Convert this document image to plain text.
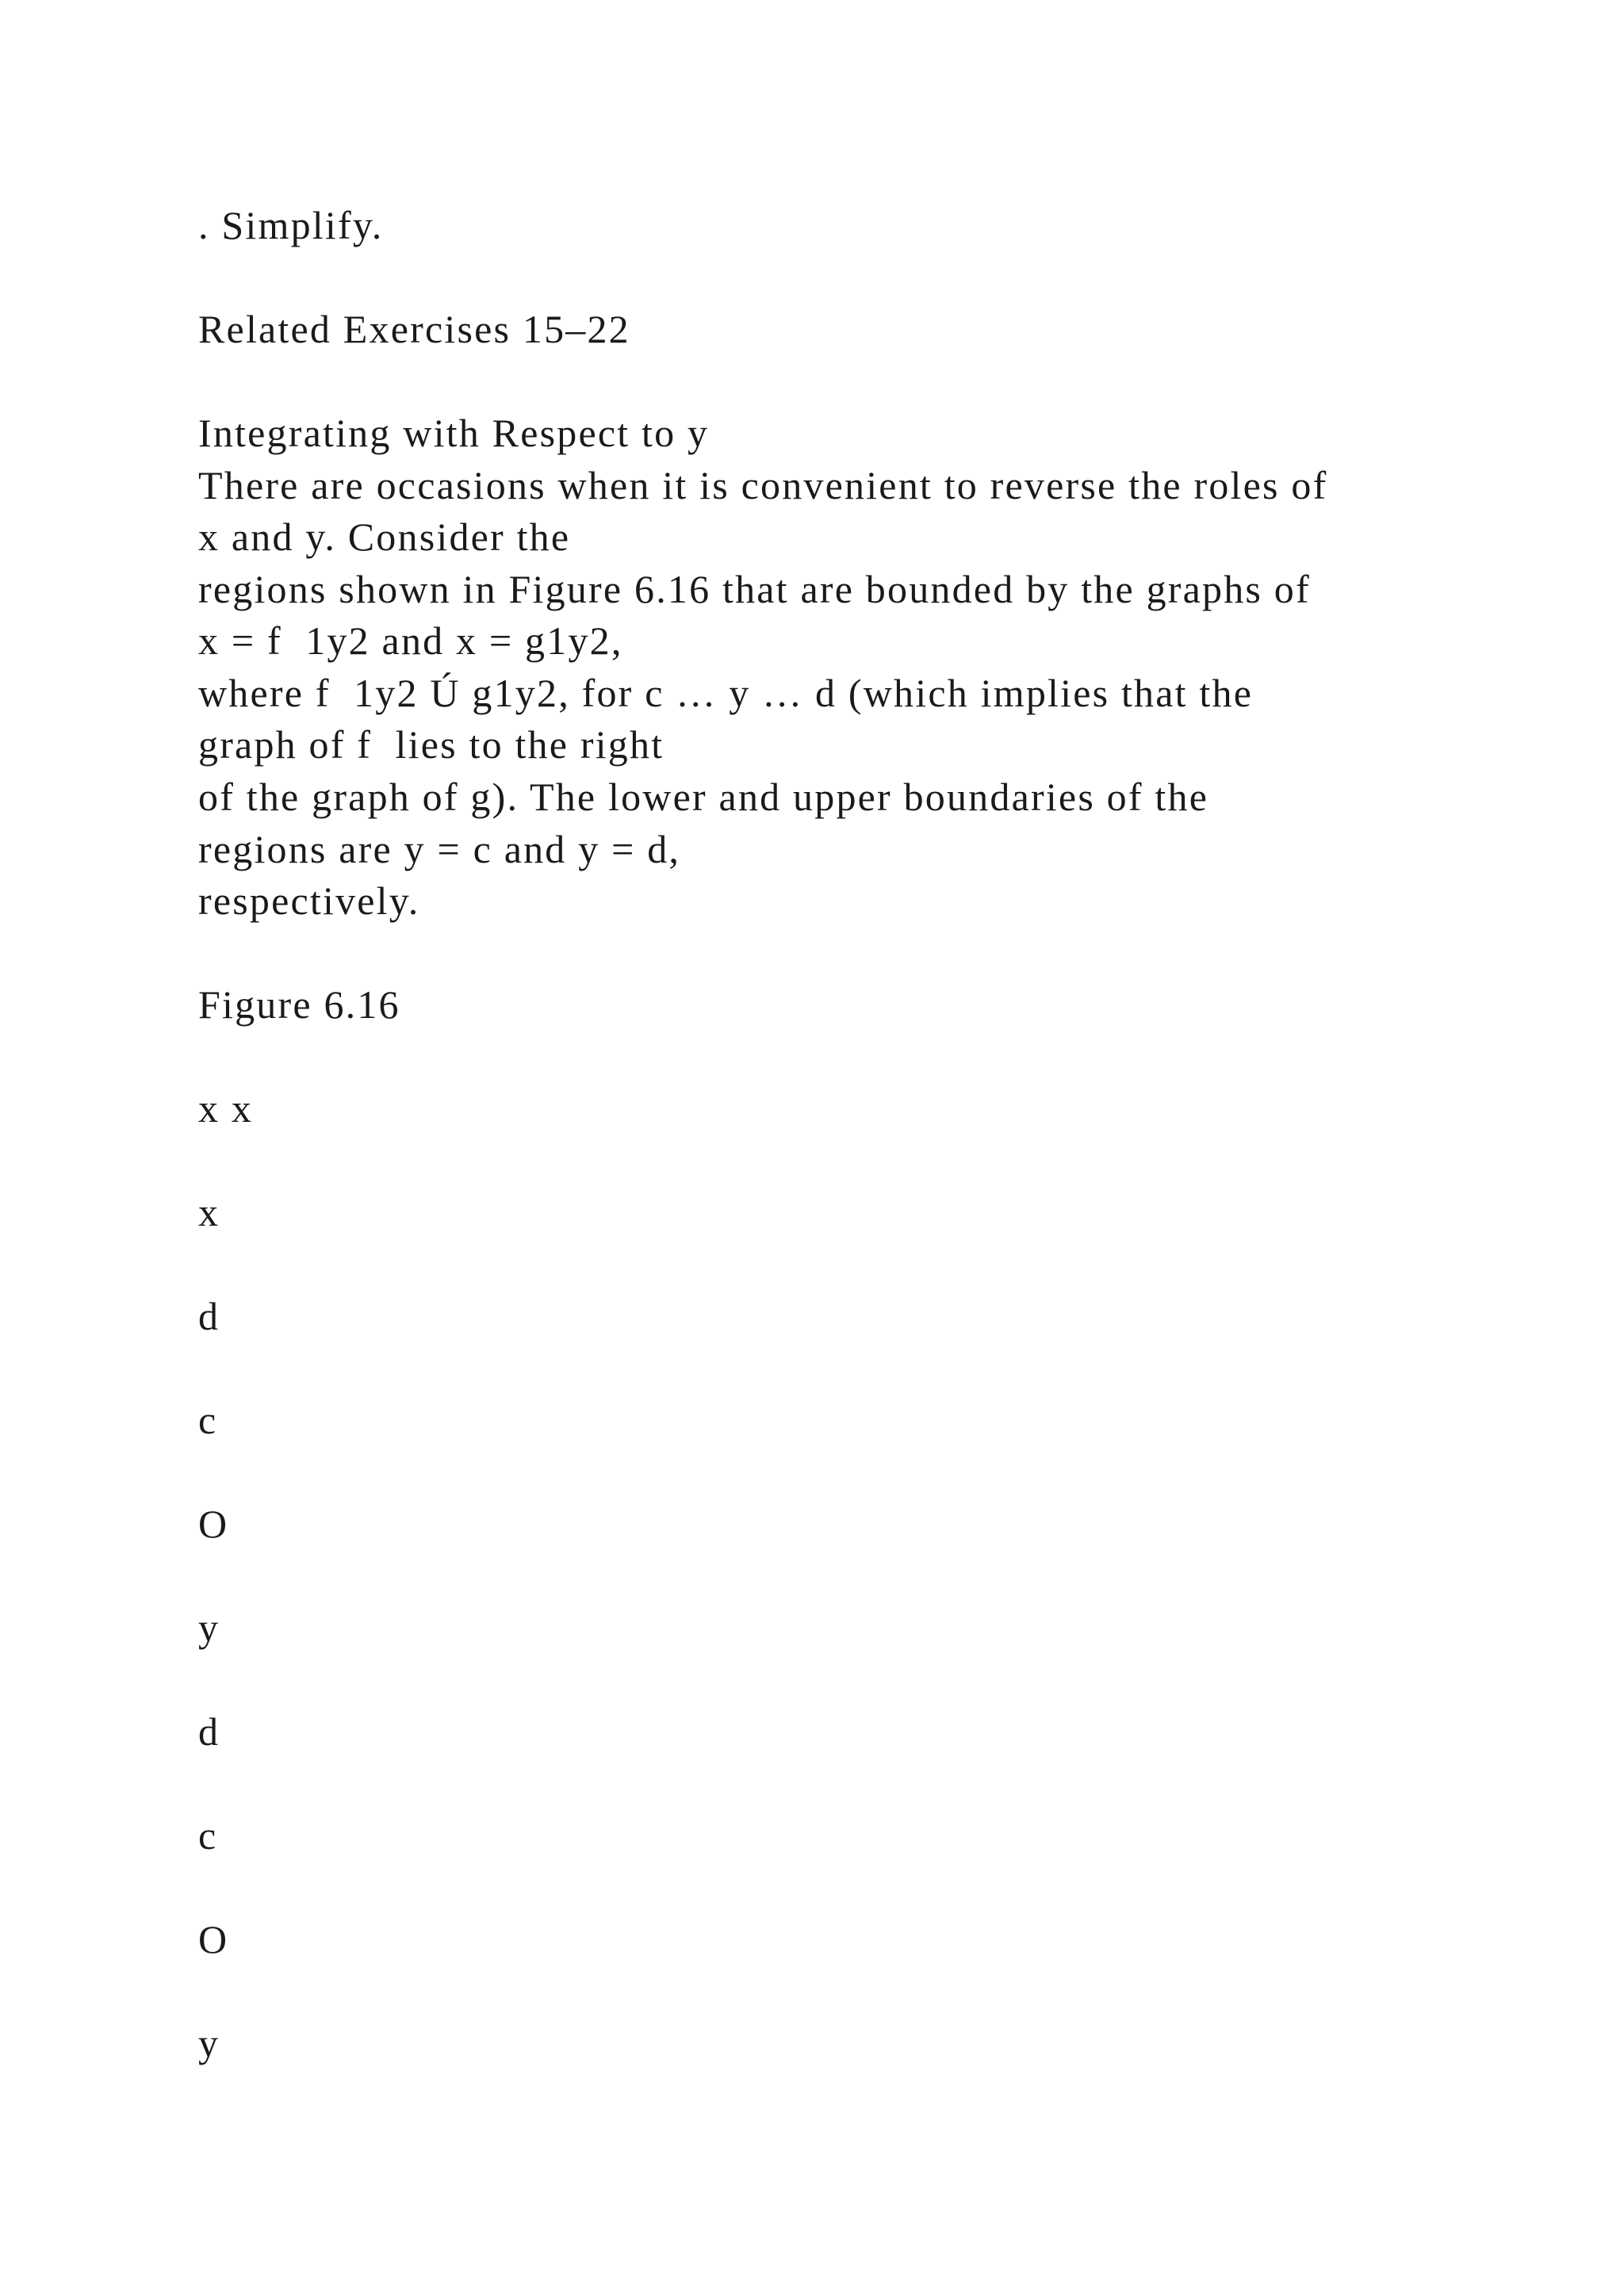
. Simplify.

Related Exercises 15–22

Integrating with Respect to y

There are occasions when it is convenient to reverse the roles of

x and y. Consider the

regions shown in Figure 6.16 that are bounded by the graphs of

x = f  1y2 and x = g1y2,

where f  1y2 Ú g1y2, for c … y … d (which implies that the

graph of f  lies to the right

of the graph of g). The lower and upper boundaries of the

regions are y = c and y = d,

respectively.

Figure 6.16

x x

x

d

c

O

y

d

c

O

y
